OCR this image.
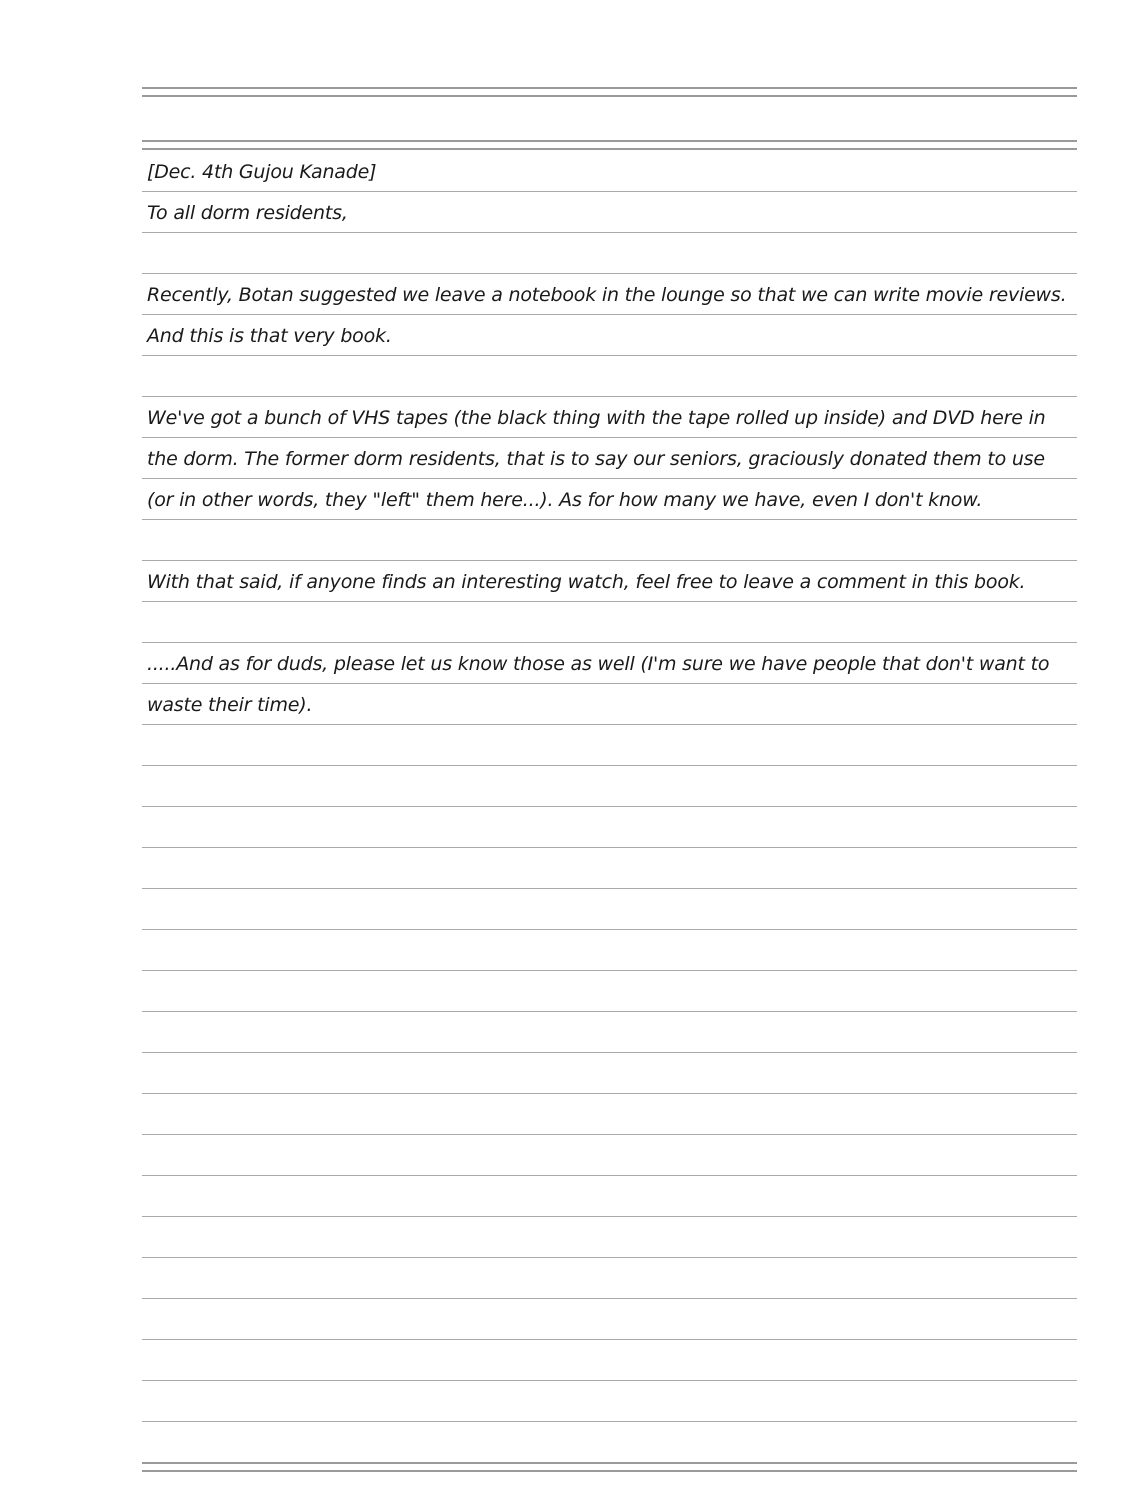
[Dec. 4th Gujou Kanade]
To all dorm residents,
Recently, Botan suggested we leave a notebook in the lounge so that we can write movie reviews.
And this is that very book.
We've got a bunch of VHS tapes (the black thing with the tape rolled up inside) and DVD here in
the dorm. The former dorm residents, that is to say our seniors, graciously donated them to use
(or in other words, they "left" them here...). As for how many we have, even I don't know.
With that said, if anyone finds an interesting watch, feel free to leave a comment in this book.
.....And as for duds, please let us know those as well (I'm sure we have people that don't want to
waste their time).
